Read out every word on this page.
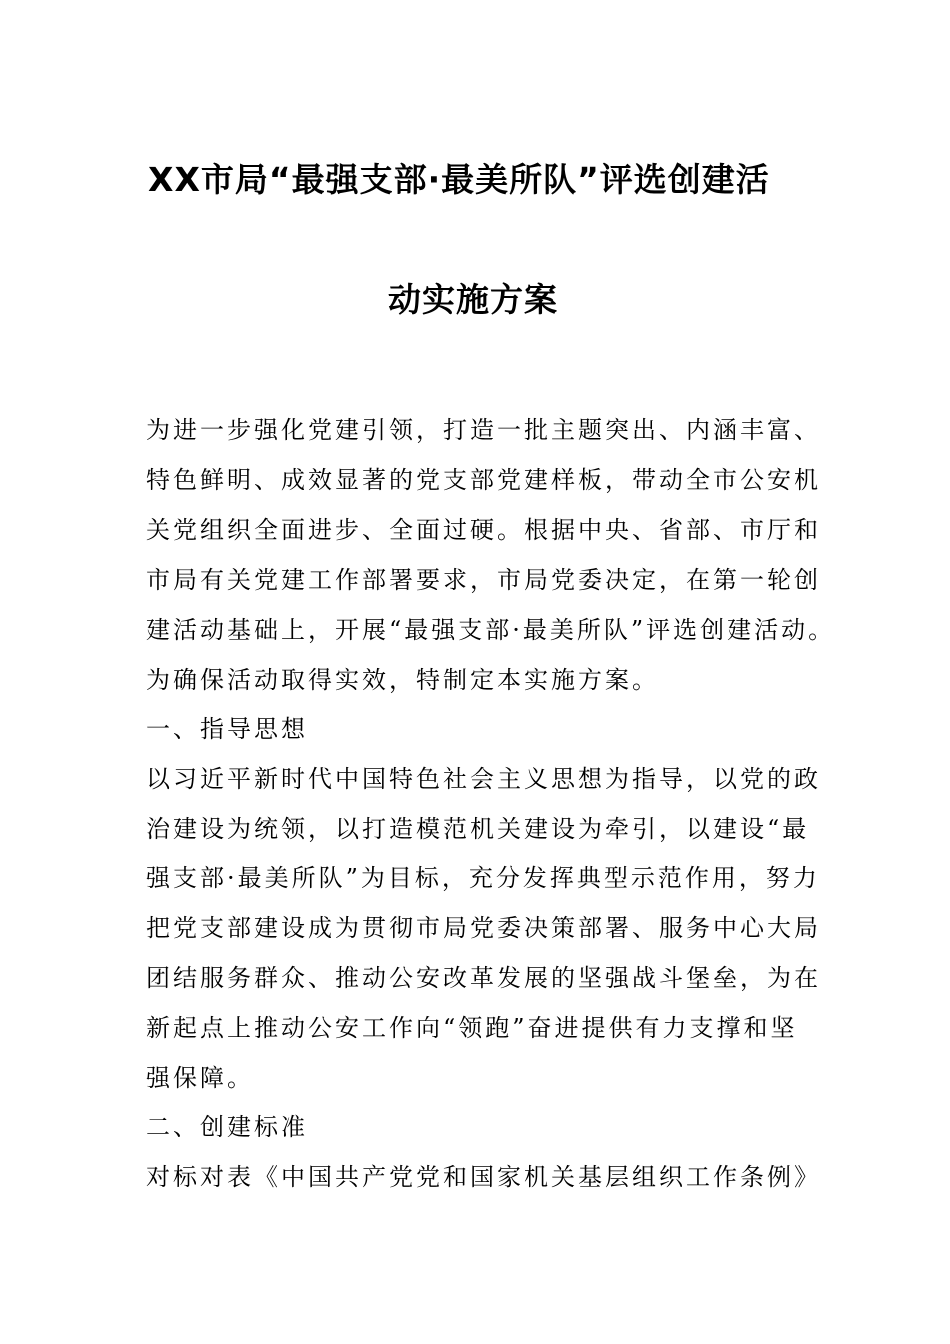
XX市局“最强支部·最美所队”评选创建活
动实施方案
为进一步强化党建引领，打造一批主题突出、内涵丰富、
特色鲜明、成效显著的党支部党建样板，带动全市公安机
关党组织全面进步、全面过硬。根据中央、省部、市厅和
市局有关党建工作部署要求，市局党委决定，在第一轮创
建活动基础上，开展“最强支部·最美所队”评选创建活动。
为确保活动取得实效，特制定本实施方案。
一、指导思想
以习近平新时代中国特色社会主义思想为指导，以党的政
治建设为统领，以打造模范机关建设为牵引，以建设“最
强支部·最美所队”为目标，充分发挥典型示范作用，努力
把党支部建设成为贯彻市局党委决策部署、服务中心大局
团结服务群众、推动公安改革发展的坚强战斗堡垒，为在
新起点上推动公安工作向“领跑”奋进提供有力支撑和坚
强保障。
二、创建标准
对标对表《中国共产党党和国家机关基层组织工作条例》
